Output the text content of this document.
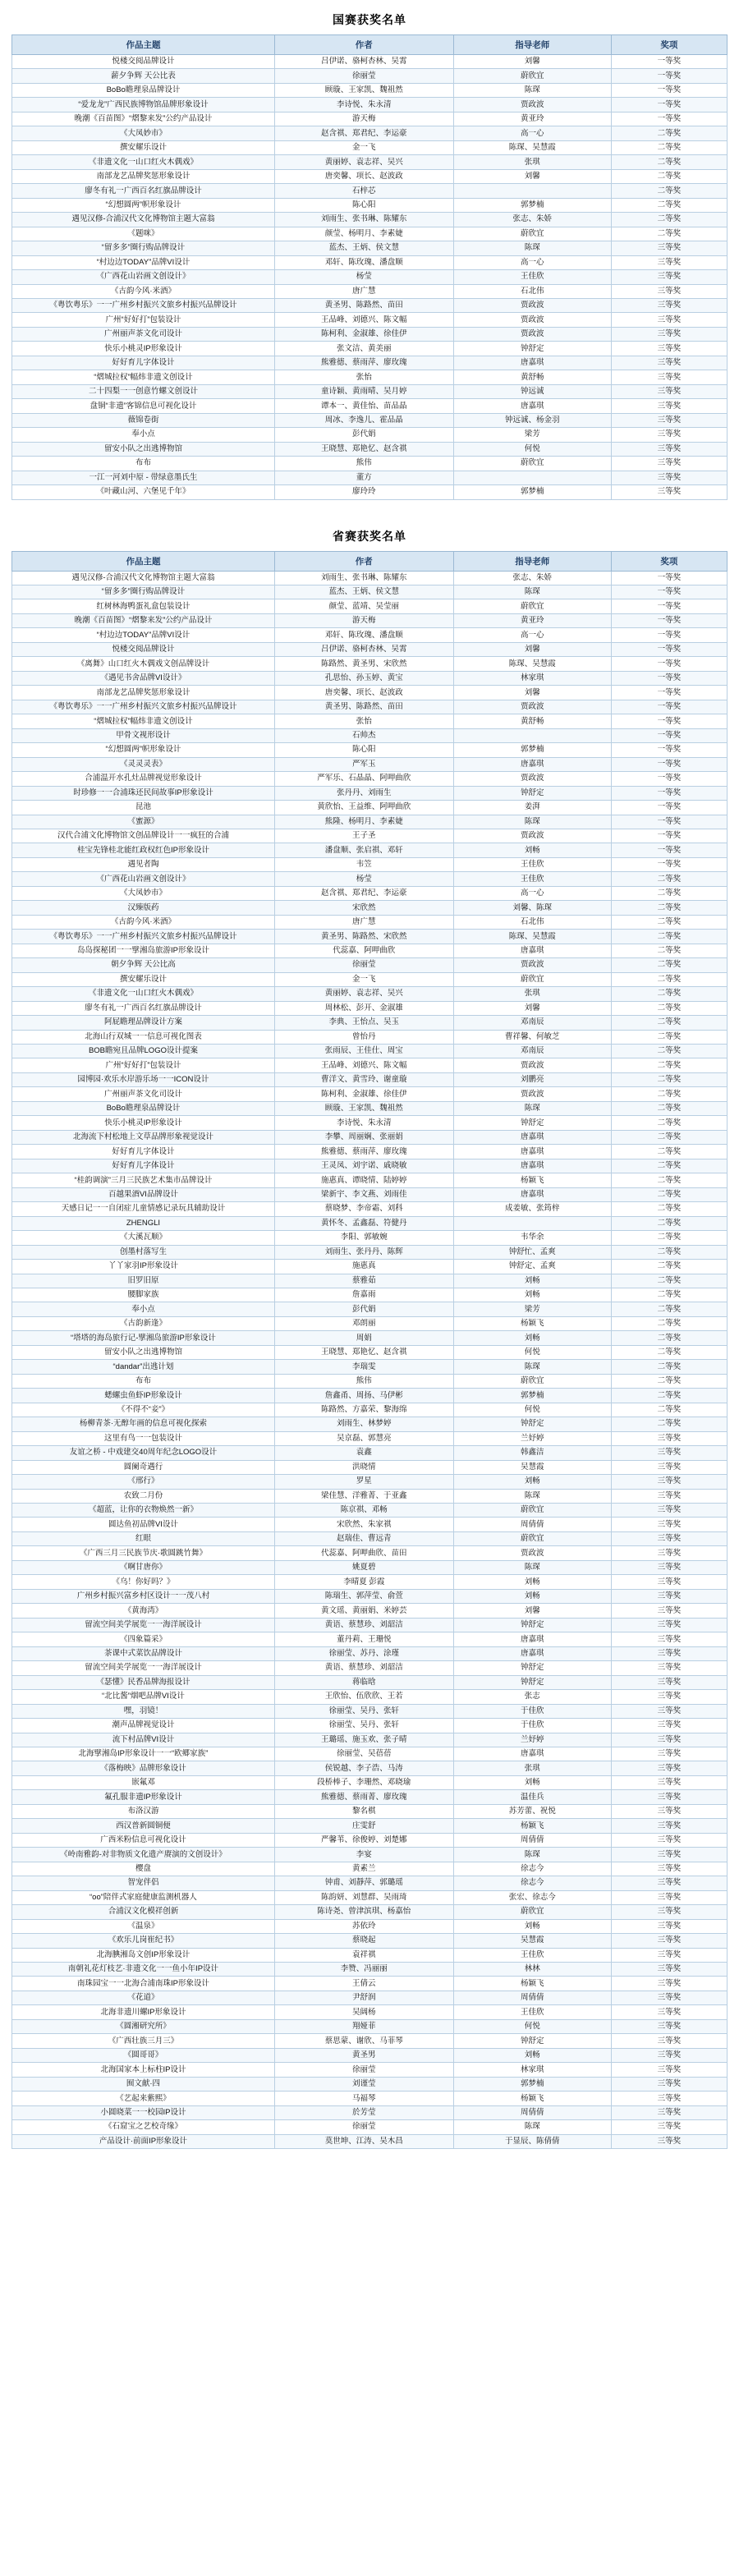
国赛获奖名单
作品主题	作者	指导老师	奖项
悦楼交阅品牌设计	吕伊诺、骆柯杏林、吴霄	刘馨	一等奖
薪夕争辉 天公比表	徐丽莹	蔚欣宜	一等奖
BoBo瞻理泉品牌设计	顾璇、王家凯、魏祖然	陈琛	一等奖
“爱龙龙”广西民族博物馆品牌形象设计	李诗悦、朱永清	贾政波	一等奖
晚潮《百苗图》“熠黎来发”公约产品设计	游天梅	黄亚玲	一等奖
《大凤妙市》	赵含祺、郑君纪、李运豪	高一心	二等奖
撰安耀乐设计	金一飞	陈琛、吴慧霞	二等奖
《非遗文化一山口红火木偶戏》	黄丽婷、袁志祥、吴兴	张琪	二等奖
南部龙艺品牌奖惩形象设计	唐奕馨、项长、赵波政	刘馨	二等奖
廖冬有礼一广西百名红旗品牌设计	石梓芯		二等奖
“幻想圆两”帜形象设计	陈心阳	郭梦楠	二等奖
遇见汉修-合浦汉代文化博物馆主题大富翁	刘雨生、张书琳、陈耀东	张志、朱娇	二等奖
《题咪》	颜莹、杨明月、李素婕	蔚欣宜	二等奖
“留多多”圈行购品牌设计	蓝杰、王炳、侯文慧	陈琛	三等奖
“村边边TODAY”品牌VI设计	邓轩、陈玫瑰、潘盘顺	高一心	三等奖
《广西花山岩画文创设计》	杨莹	王佳欣	三等奖
《古韵今风·米酒》	唐广慧	石北伟	三等奖
《粤饮粤乐》一一广州乡村振兴文旅乡村振兴品牌设计	黄圣男、陈路然、苗田	贾政波	三等奖
广州“好好打”包装设计	王品峰、刘德兴、陈文幅	贾政波	三等奖
广州丽声茶文化司设计	陈柯利、金淑雄、徐佳伊	贾政波	三等奖
快乐小桃灵IP形象设计	张文洁、黄美丽	钟舒定	三等奖
好好育儿字体设计	熊雅德、蔡雨萍、廖玫瑰	唐嘉琪	三等奖
“熠城拉权”幅炜非遗文创设计	张怡	黄舒畅	三等奖
二十四梨一一创意竹螺文创设计	童诗颖、黄雨晴、吴月婷	钟远诚	三等奖
盘铜“非遗”客锦信息可视化设计	谭本一、黄佳怡、苗品晶	唐嘉琪	三等奖
薇锦卷街	周冰、李逸儿、霍品晶	钟远诚、杨金羽	三等奖
奉小点	彭代娟	梁芳	三等奖
留安小队之出逃博物馆	王晓慧、郑艳忆、赵含祺	何悦	三等奖
布布	熊伟	蔚欣宜	三等奖
一江一河刘中原 - 带绿意墨氏生	董方		三等奖
《叶藏山河、六堡见千年》	廖玲玲	郭梦楠	三等奖
省赛获奖名单
作品主题	作者	指导老师	奖项
遇见汉修-合浦汉代文化博物馆主题大富翁	刘雨生、张书琳、陈耀东	张志、朱娇	一等奖
“留多多”圈行购品牌设计	蓝杰、王炳、侯文慧	陈琛	一等奖
红树林海鸭蛋礼盒包装设计	颜莹、蓝靖、吴莹丽	蔚欣宜	一等奖
晚潮《百苗图》“熠黎来发”公约产品设计	游天梅	黄亚玲	一等奖
“村边边TODAY”品牌VI设计	邓轩、陈玫瑰、潘盘顺	高一心	一等奖
悦楼交阅品牌设计	吕伊诺、骆柯杏林、吴霄	刘馨	一等奖
《离舞》山口红火木偶戏文创品牌设计	陈路然、黄圣男、宋欣然	陈琛、吴慧霞	一等奖
《遇见书舍品牌VI设计》	孔思怡、孙玉婷、黄宝	林家琪	一等奖
南部龙艺品牌奖惩形象设计	唐奕馨、项长、赵波政	刘馨	一等奖
《粤饮粤乐》一一广州乡村振兴文旅乡村振兴品牌设计	黄圣男、陈路然、苗田	贾政波	一等奖
“熠城拉权”幅炜非遗文创设计	张怡	黄舒畅	一等奖
甲骨文视形设计	石帅杰		一等奖
“幻想圆两”帜形象设计	陈心阳	郭梦楠	一等奖
《灵灵灵表》	严军玉	唐嘉琪	一等奖
合浦温开水孔灶品牌视觉形象设计	严军乐、石晶晶、阿呷曲欣	贾政波	一等奖
时珍修一一合浦珠还民间故事IP形象设计	张丹丹、刘雨生	钟舒定	一等奖
昆池	黄欣怡、王益维、阿呷曲欣	姜湃	一等奖
《蜜源》	熊隆、杨明月、李素婕	陈琛	一等奖
汉代合浦文化博物馆文创品牌设计一一疯狂的合浦	王子圣	贾政波	一等奖
桂宝先锋桂北能红政权红色IP形象设计	潘盘顺、张启祺、邓轩	刘畅	一等奖
遇见者陶	韦笠	王佳欣	一等奖
《广西花山岩画文创设计》	杨莹	王佳欣	二等奖
《大凤妙市》	赵含祺、郑君纪、李运豪	高一心	二等奖
汉臻版药	宋欣然	刘馨、陈琛	二等奖
《古韵今风·米酒》	唐广慧	石北伟	二等奖
《粤饮粤乐》一一广州乡村振兴文旅乡村振兴品牌设计	黄圣男、陈路然、宋欣然	陈琛、吴慧霞	二等奖
岛岛探秘团一一擘湘岛旅游IP形象设计	代蕊嘉、阿呷曲欣	唐嘉琪	二等奖
朝夕争辉 天公比高	徐丽莹	贾政波	二等奖
撰安耀乐设计	金一飞	蔚欣宜	二等奖
《非遗文化一山口红火木偶戏》	黄丽婷、袁志祥、吴兴	张琪	二等奖
廖冬有礼一广西百名红旗品牌设计	周林松、彭开、金淑雄	刘馨	二等奖
阿屁瞻理品牌设计方案	李典、王怡点、吴玉	邓南辰	二等奖
北海山行双城一一信息可视化图表	曾怡丹	曹祥馨、何敏芝	二等奖
BOB瞻宛且品牌LOGO设计提案	张雨辰、王佳仕、周宝	邓南辰	二等奖
广州“好好打”包装设计	王品峰、刘德兴、陈文幅	贾政波	二等奖
园博园·欢乐水岸游乐场一一ICON设计	曹洋文、黄雪玲、谢童璇	刘鹏亮	二等奖
广州丽声茶文化司设计	陈柯利、金淑雄、徐佳伊	贾政波	二等奖
BoBo瞻理泉品牌设计	顾璇、王家凯、魏祖然	陈琛	二等奖
快乐小桃灵IP形象设计	李诗悦、朱永清	钟舒定	二等奖
北海流下村松地上文草品牌形象视觉设计	李攀、周丽娴、张丽娟	唐嘉琪	二等奖
好好育儿字体设计	熊雅德、蔡雨萍、廖玫瑰	唐嘉琪	二等奖
好好育儿字体设计	王灵凤、刘宇诺、戚晓敏	唐嘉琪	二等奖
“桂韵调演”三月三民族艺术集市品牌设计	施惠真、谭晓情、陆婷婷	杨颖飞	二等奖
百越果酒VI品牌设计	梁新宇、李文燕、刘雨佳	唐嘉琪	二等奖
天感日记一一自闭症儿童情感记录玩具辅助设计	蔡晓梦、李帝霜、刘科	成姜敏、张筠梓	二等奖
ZHENGLI	黄怀冬、孟鑫磊、符健丹		二等奖
《大溪瓦顺》	李阳、郭敏婉	韦华余	二等奖
创墨村落写生	刘雨生、张丹丹、陈辉	钟舒忙、孟爽	二等奖
丫丫家羽IP形象设计	施惠真	钟舒定、孟爽	二等奖
旧罗旧原	蔡雅茹	刘畅	二等奖
腰脚家族	詹嘉雨	刘畅	二等奖
奉小点	彭代娟	梁芳	二等奖
《古韵新逢》	邓朗丽	杨颖飞	二等奖
“塔塔的海岛旅行记-擘湘岛旅游IP形象设计	周娟	刘畅	二等奖
留安小队之出逃博物馆	王晓慧、郑艳忆、赵含祺	何悦	二等奖
“dandar”出逃计划	李瑞雯	陈琛	二等奖
布布	熊伟	蔚欣宜	二等奖
蟋螺虫鱼虾IP形象设计	詹鑫甬、周扬、马伊彬	郭梦楠	二等奖
《不得不“妾”》	陈路然、方嘉荣、黎海绵	何悦	二等奖
杨柳青茶·无醇年画的信息可视化探索	刘雨生、林梦婷	钟舒定	二等奖
这里有鸟一一包装设计	吴京磊、郭慧亮	兰妤婷	三等奖
友谊之桥 - 中戏建交40周年纪念LOGO设计	袁鑫	韩鑫洁	三等奖
圆阑奇遇行	洪晓情	吴慧霞	三等奖
《邢行》	罗星	刘畅	三等奖
农致二月份	梁佳慧、洋雅菁、于亚鑫	陈琛	三等奖
《超蓝，让你的衣物焕然一新》	陈京祺、邓畅	蔚欣宜	三等奖
圆达鱼初品牌VI设计	宋欣然、朱家祺	周倩倩	三等奖
红眼	赵瑞佳、曹远青	蔚欣宜	三等奖
《广西三月三民族节庆·歌圆跳竹舞》	代蕊嘉、阿呷曲欣、苗田	贾政波	三等奖
《啊甘唐你》	姚夏碧	陈琛	三等奖
《乌！你好吗？》	李晴夏 彭霞	刘畅	三等奖
广州乡村振兴富乡村区设计一一茂八村	陈瑞生、郭萍莹、俞萱	刘畅	三等奖
《黄海湾》	黄文瑶、黄丽娟、米婷芸	刘馨	三等奖
留流空间美学展览一一海洋展设计	黄语、蔡慧珍、刘韶洁	钟舒定	三等奖
《四象篇采》	董丹莉、王珊悦	唐嘉琪	三等奖
茶课中式菜饮品牌设计	徐丽莹、苏丹、涂瑾	唐嘉琪	三等奖
留流空间美学展览一一海洋展设计	黄语、蔡慧珍、刘韶洁	钟舒定	三等奖
《瑟懂》民香品牌海报设计	蒋临晗	钟舒定	三等奖
“北比酱”烟吧品牌VI设计	王欣怡、伍欣欣、王若	张志	三等奖
嘿，羽镜！	徐丽莹、吴丹、张轩	于佳欣	三等奖
潮声品牌视觉设计	徐丽莹、吴丹、张轩	于佳欣	三等奖
流下村品牌VI设计	王璐瑶、施玉欢、张子晴	兰妤婷	三等奖
北海擘湘岛IP形象设计一一“欧郷家族”	徐丽莹、吴蓓蓓	唐嘉琪	三等奖
《落梅映》品牌形象设计	侯锐越、李子浩、马涛	张琪	三等奖
嵌氟邓	段桥棒子、李珊然、邓晓瑜	刘畅	三等奖
氟孔服非遗IP形象设计	熊雅德、蔡雨菁、廖玫瑰	温佳兵	三等奖
布洛汉游	黎名棋	苏芳蕾、祝悦	三等奖
西汉普新圆铜便	庄雯舒	杨颖飞	三等奖
广西米粉信息可视化设计	严馨苇、徐俊婷、刘楚娜	周倩倩	三等奖
《岭南雅韵-对非物质文化遗产赓演的文创设计》	李宴	陈琛	三等奖
樱盘	黄素兰	徐志今	三等奖
智宠伴侣	钟甫、刘靜萍、郭璐瑶	徐志今	三等奖
“oo”陪伴式家庭健康监测机器人	陈韵妍、刘慧群、吴雨琦	张宏、徐志今	三等奖
合浦汉文化模祥创新	陈诗尧、曾津滨琪、杨嘉怡	蔚欣宜	三等奖
《温泉》	苏依玲	刘畅	三等奖
《欢乐儿岗崔纪书》	蔡晓起	吴慧霞	三等奖
北海腆湘岛文创IP形象设计	袁祥祺	王佳欣	三等奖
南朝礼花灯枝艺·非遗文化一一鱼小年IP设计	李赞、冯丽丽	林林	三等奖
南珠园宝一一北海合浦南珠IP形象设计	王倩云	杨颖飞	三等奖
《花道》	尹舒润	周倩倩	三等奖
北海非遗川螺IP形象设计	吴阔杨	王佳欣	三等奖
《圆湘研究所》	翔娅菲	何悦	三等奖
《广西壮族三月三》	蔡思蒙、谢欣、马菲琴	钟舒定	三等奖
《圆哥哥》	黄圣男	刘畅	三等奖
北海国家本上标柱IP设计	徐丽莹	林家琪	三等奖
囿文献·四	刘谨莹	郭梦楠	三等奖
《艺起来紫熙》	马福琴	杨颖飞	三等奖
小圆晓菜一一校园IP设计	於芳莹	周倩倩	三等奖
《石窟宝之艺校奇缘》	徐丽莹	陈琛	三等奖
产品设计·前面IP形象设计	莫世坤、江涛、吴木昌	于显辰、陈倩倩	三等奖
